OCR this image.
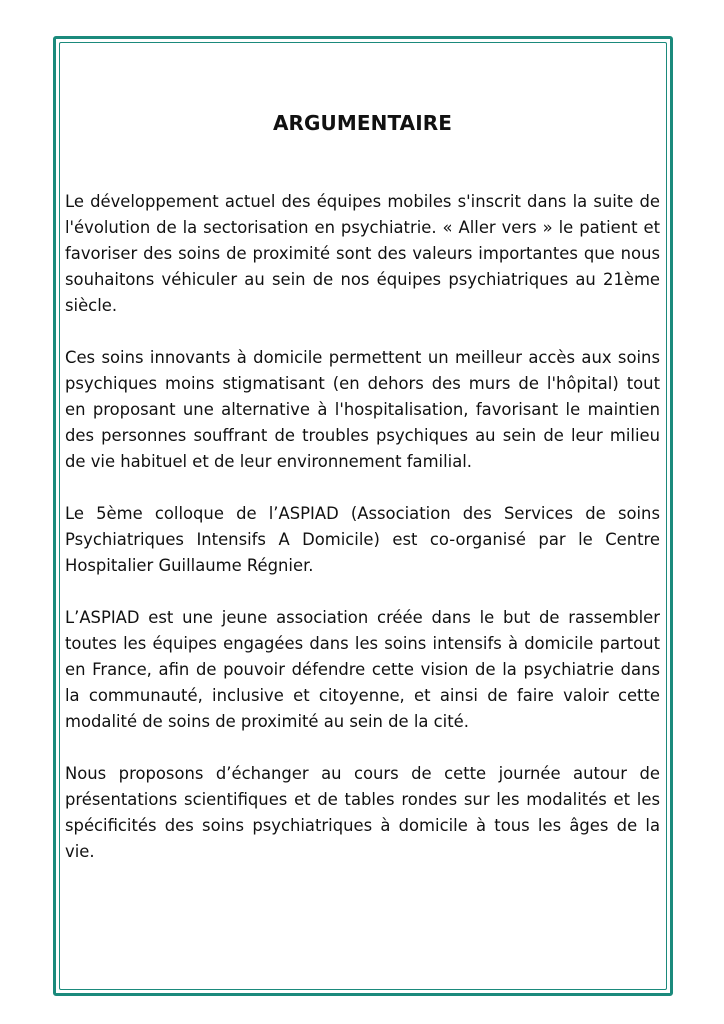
ARGUMENTAIRE

Le développement actuel des équipes mobiles s'inscrit dans la suite de l'évolution de la sectorisation en psychiatrie. « Aller vers » le patient et favoriser des soins de proximité sont des valeurs importantes que nous souhaitons véhiculer au sein de nos équipes psychiatriques au 21ème siècle.

Ces soins innovants à domicile permettent un meilleur accès aux soins psychiques moins stigmatisant (en dehors des murs de l'hôpital) tout en proposant une alternative à l'hospitalisation, favorisant le maintien des personnes souffrant de troubles psychiques au sein de leur milieu de vie habituel et de leur environnement familial.

Le 5ème colloque de l’ASPIAD (Association des Services de soins Psychiatriques Intensifs A Domicile) est co-organisé par le Centre Hospitalier Guillaume Régnier.

L’ASPIAD est une jeune association créée dans le but de rassembler toutes les équipes engagées dans les soins intensifs à domicile partout en France, afin de pouvoir défendre cette vision de la psychiatrie dans la communauté, inclusive et citoyenne, et ainsi de faire valoir cette modalité de soins de proximité au sein de la cité.

Nous proposons d’échanger au cours de cette journée autour de présentations scientifiques et de tables rondes sur les modalités et les spécificités des soins psychiatriques à domicile à tous les âges de la vie.
